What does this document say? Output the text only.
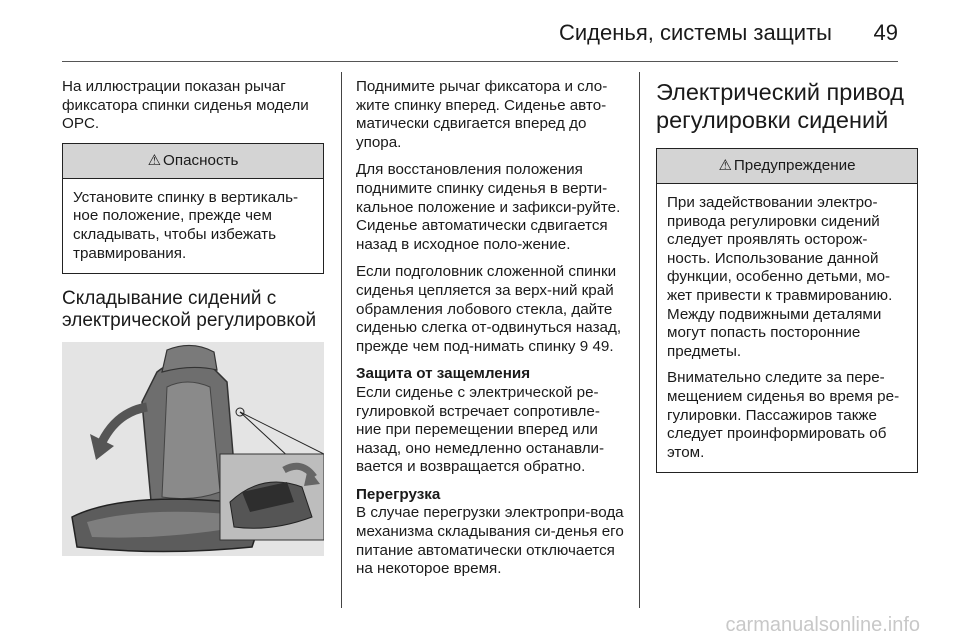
Сиденья, системы защиты 49

На иллюстрации показан рычаг фиксатора спинки сиденья модели OPC.

⚠ Опасность

Установите спинку в вертикаль-ное положение, прежде чем складывать, чтобы избежать травмирования.

Складывание сидений с электрической регулировкой

Поднимите рычаг фиксатора и сло-жите спинку вперед. Сиденье авто-матически сдвигается вперед до упора.

Для восстановления положения поднимите спинку сиденья в верти-кальное положение и зафикси-руйте. Сиденье автоматически сдвигается назад в исходное поло-жение.

Если подголовник сложенной спинки сиденья цепляется за верх-ний край обрамления лобового стекла, дайте сиденью слегка от-одвинуться назад, прежде чем под-нимать спинку 9 49.

Защита от защемления

Если сиденье с электрической ре-гулировкой встречает сопротивле-ние при перемещении вперед или назад, оно немедленно останавли-вается и возвращается обратно.

Перегрузка

В случае перегрузки электропри-вода механизма складывания си-денья его питание автоматически отключается на некоторое время.

Электрический привод регулировки сидений
⚠ Предупреждение

При задействовании электро-привода регулировки сидений следует проявлять осторож-ность. Использование данной функции, особенно детьми, мо-жет привести к травмированию. Между подвижными деталями могут попасть посторонние предметы.

Внимательно следите за пере-мещением сиденья во время ре-гулировки. Пассажиров также следует проинформировать об этом.

carmanualsonline.info
